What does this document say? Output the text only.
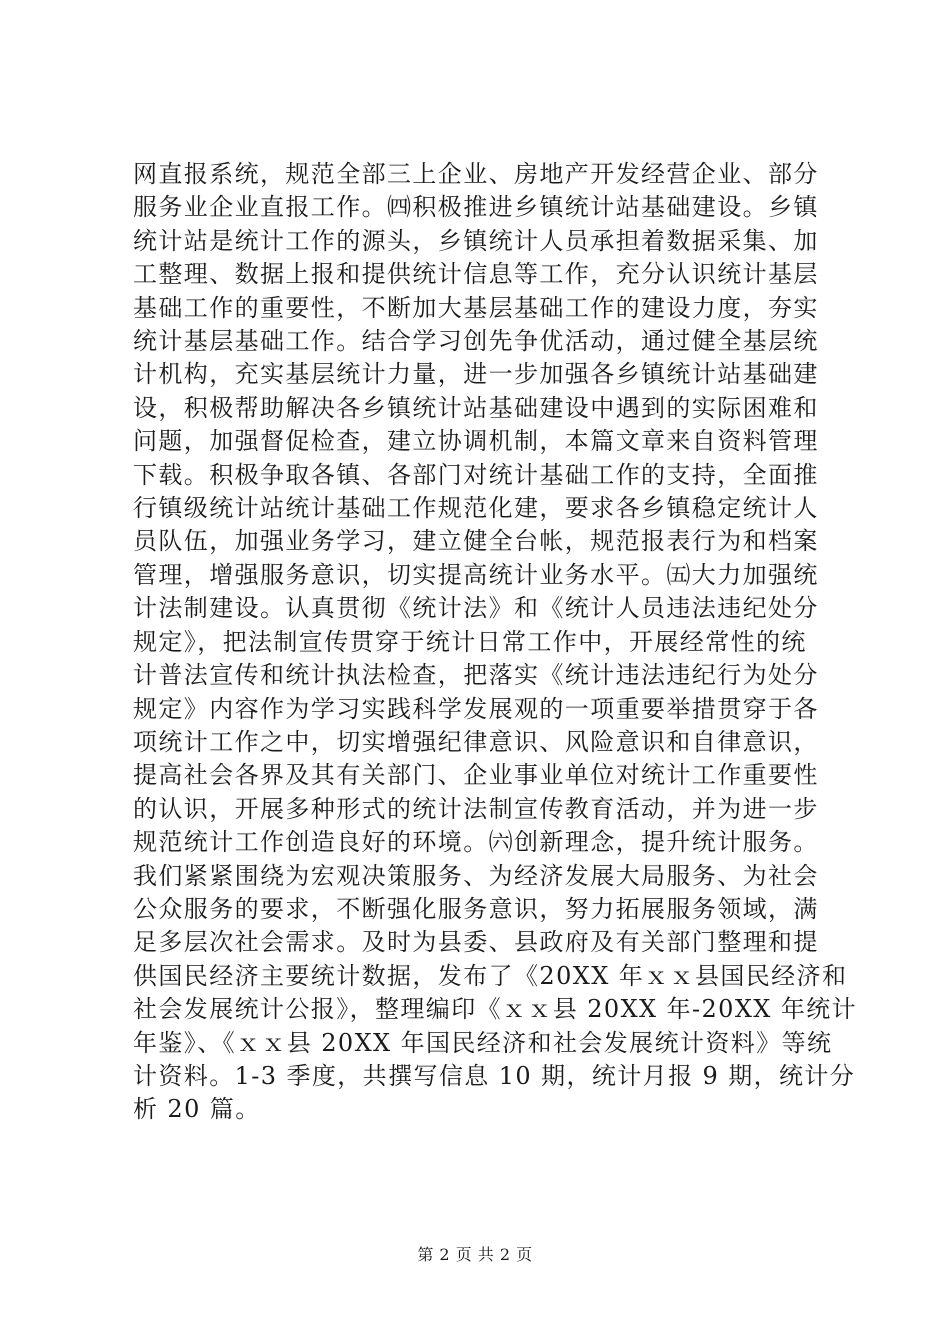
网直报系统，规范全部三上企业、房地产开发经营企业、部分
服务业企业直报工作。㈣积极推进乡镇统计站基础建设。乡镇
统计站是统计工作的源头，乡镇统计人员承担着数据采集、加
工整理、数据上报和提供统计信息等工作，充分认识统计基层
基础工作的重要性，不断加大基层基础工作的建设力度，夯实
统计基层基础工作。结合学习创先争优活动，通过健全基层统
计机构，充实基层统计力量，进一步加强各乡镇统计站基础建
设，积极帮助解决各乡镇统计站基础建设中遇到的实际困难和
问题，加强督促检查，建立协调机制，本篇文章来自资料管理
下载。积极争取各镇、各部门对统计基础工作的支持，全面推
行镇级统计站统计基础工作规范化建，要求各乡镇稳定统计人
员队伍，加强业务学习，建立健全台帐，规范报表行为和档案
管理，增强服务意识，切实提高统计业务水平。㈤大力加强统
计法制建设。认真贯彻《统计法》和《统计人员违法违纪处分
规定》，把法制宣传贯穿于统计日常工作中，开展经常性的统
计普法宣传和统计执法检查，把落实《统计违法违纪行为处分
规定》内容作为学习实践科学发展观的一项重要举措贯穿于各
项统计工作之中，切实增强纪律意识、风险意识和自律意识，
提高社会各界及其有关部门、企业事业单位对统计工作重要性
的认识，开展多种形式的统计法制宣传教育活动，并为进一步
规范统计工作创造良好的环境。㈥创新理念，提升统计服务。
我们紧紧围绕为宏观决策服务、为经济发展大局服务、为社会
公众服务的要求，不断强化服务意识，努力拓展服务领域，满
足多层次社会需求。及时为县委、县政府及有关部门整理和提
供国民经济主要统计数据，发布了《20XX 年ｘｘ县国民经济和
社会发展统计公报》，整理编印《ｘｘ县 20XX 年-20XX 年统计
年鉴》、《ｘｘ县 20XX 年国民经济和社会发展统计资料》等统
计资料。1-3 季度，共撰写信息 10 期，统计月报 9 期，统计分
析 20 篇。
第 2 页 共 2 页
